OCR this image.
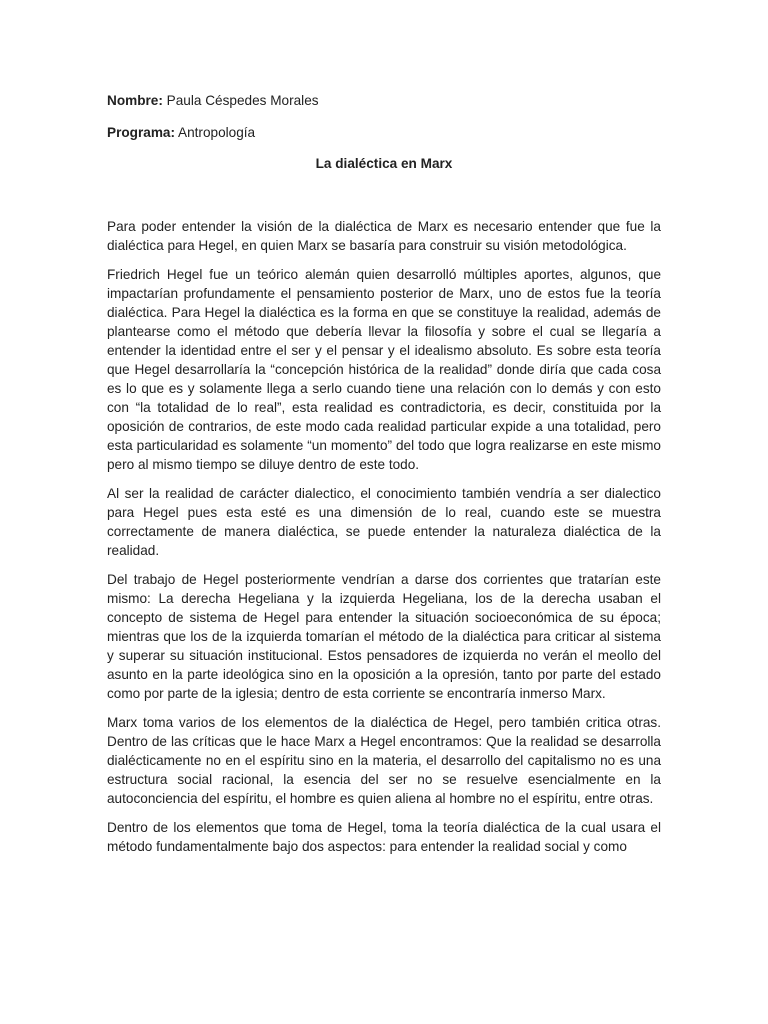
Nombre: Paula Céspedes Morales
Programa: Antropología
La dialéctica en Marx

Para poder entender la visión de la dialéctica de Marx es necesario entender que fue la dialéctica para Hegel, en quien Marx se basaría para construir su visión metodológica.

Friedrich Hegel fue un teórico alemán quien desarrolló múltiples aportes, algunos, que impactarían profundamente el pensamiento posterior de Marx, uno de estos fue la teoría dialéctica. Para Hegel la dialéctica es la forma en que se constituye la realidad, además de plantearse como el método que debería llevar la filosofía y sobre el cual se llegaría a entender la identidad entre el ser y el pensar y el idealismo absoluto. Es sobre esta teoría que Hegel desarrollaría la “concepción histórica de la realidad” donde diría que cada cosa es lo que es y solamente llega a serlo cuando tiene una relación con lo demás y con esto con “la totalidad de lo real”, esta realidad es contradictoria, es decir, constituida por la oposición de contrarios, de este modo cada realidad particular expide a una totalidad, pero esta particularidad es solamente “un momento” del todo que logra realizarse en este mismo pero al mismo tiempo se diluye dentro de este todo.

Al ser la realidad de carácter dialectico, el conocimiento también vendría a ser dialectico para Hegel pues esta esté es una dimensión de lo real, cuando este se muestra correctamente de manera dialéctica, se puede entender la naturaleza dialéctica de la realidad.

Del trabajo de Hegel posteriormente vendrían a darse dos corrientes que tratarían este mismo: La derecha Hegeliana y la izquierda Hegeliana, los de la derecha usaban el concepto de sistema de Hegel para entender la situación socioeconómica de su época; mientras que los de la izquierda tomarían el método de la dialéctica para criticar al sistema y superar su situación institucional. Estos pensadores de izquierda no verán el meollo del asunto en la parte ideológica sino en la oposición a la opresión, tanto por parte del estado como por parte de la iglesia; dentro de esta corriente se encontraría inmerso Marx.

Marx toma varios de los elementos de la dialéctica de Hegel, pero también critica otras. Dentro de las críticas que le hace Marx a Hegel encontramos: Que la realidad se desarrolla dialécticamente no en el espíritu sino en la materia, el desarrollo del capitalismo no es una estructura social racional, la esencia del ser no se resuelve esencialmente en la autoconciencia del espíritu, el hombre es quien aliena al hombre no el espíritu, entre otras.

Dentro de los elementos que toma de Hegel, toma la teoría dialéctica de la cual usara el método fundamentalmente bajo dos aspectos: para entender la realidad social y como
